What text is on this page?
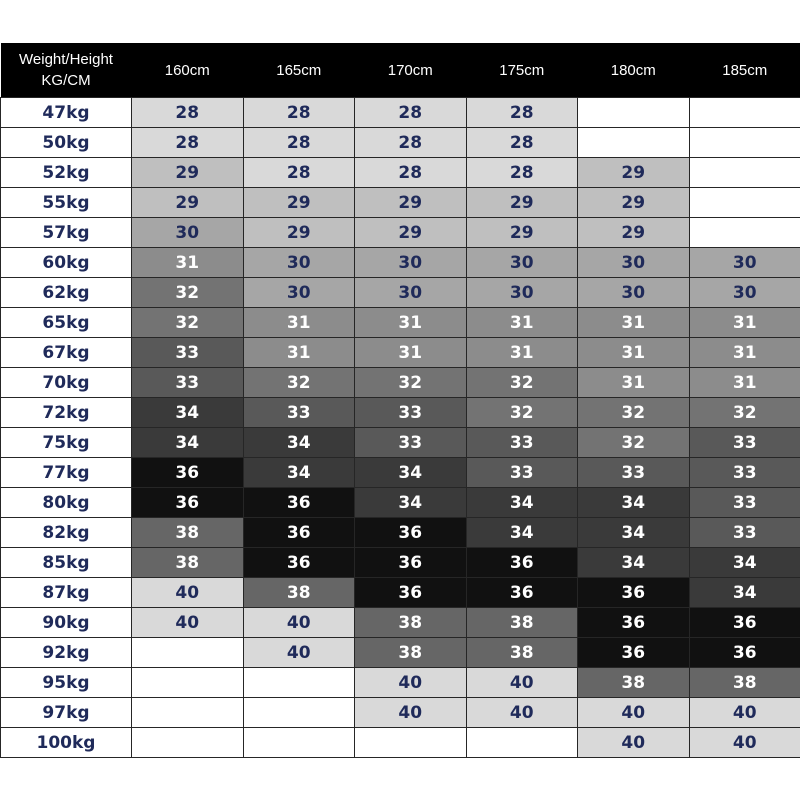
Weight/Height
KG/CM	160cm	165cm	170cm	175cm	180cm	185cm
47kg	28	28	28	28		
50kg	28	28	28	28		
52kg	29	28	28	28	29	
55kg	29	29	29	29	29	
57kg	30	29	29	29	29	
60kg	31	30	30	30	30	30
62kg	32	30	30	30	30	30
65kg	32	31	31	31	31	31
67kg	33	31	31	31	31	31
70kg	33	32	32	32	31	31
72kg	34	33	33	32	32	32
75kg	34	34	33	33	32	33
77kg	36	34	34	33	33	33
80kg	36	36	34	34	34	33
82kg	38	36	36	34	34	33
85kg	38	36	36	36	34	34
87kg	40	38	36	36	36	34
90kg	40	40	38	38	36	36
92kg		40	38	38	36	36
95kg			40	40	38	38
97kg			40	40	40	40
100kg					40	40
